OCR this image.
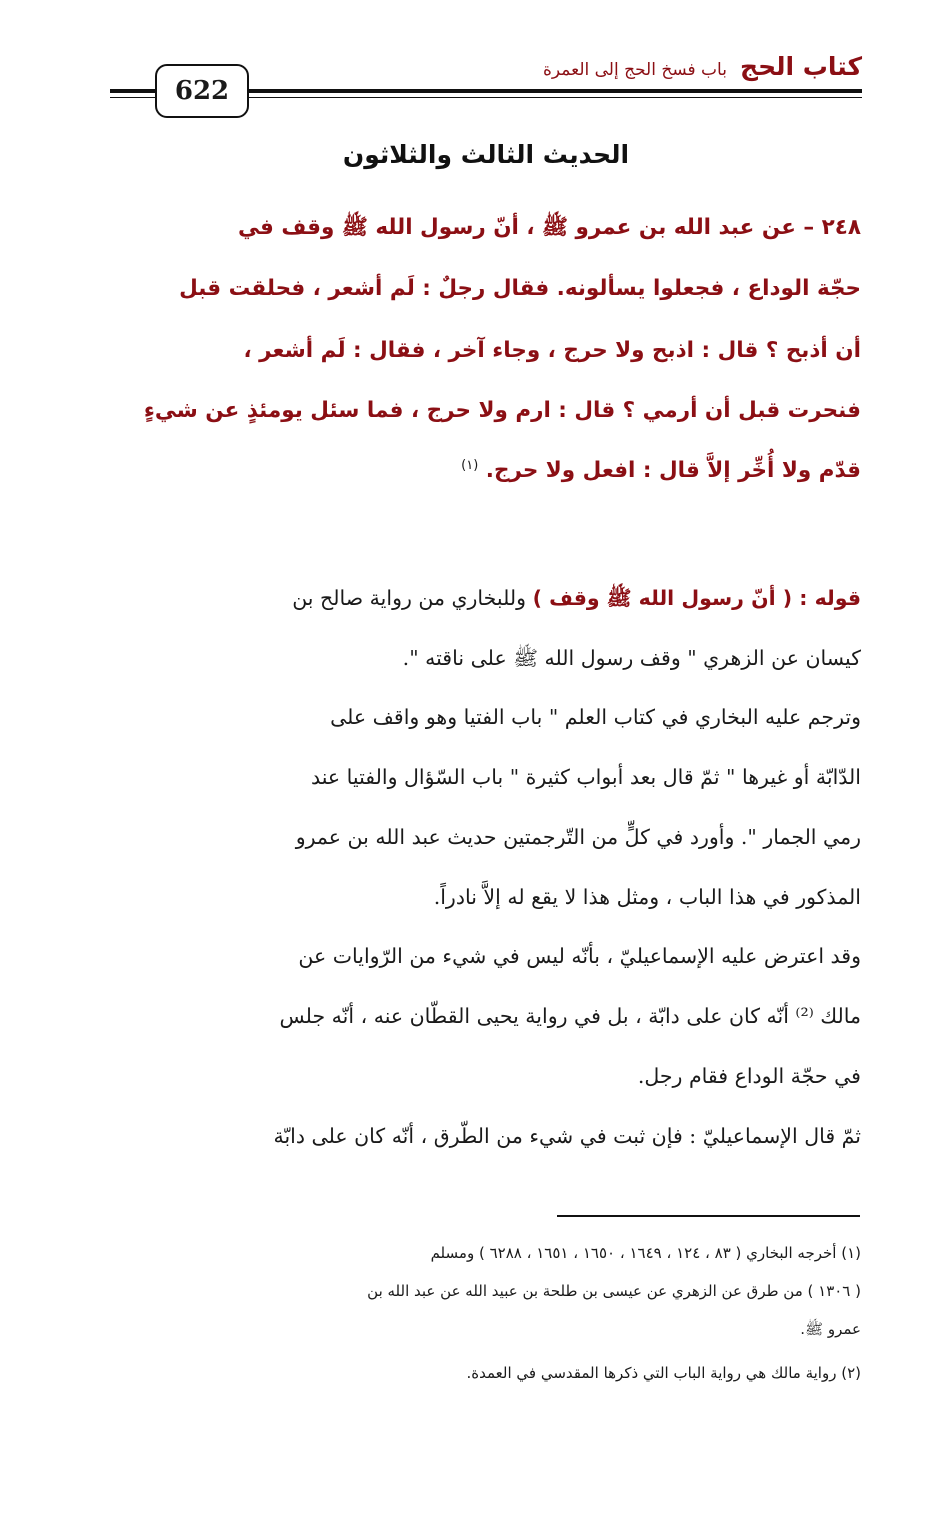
كتاب الحج باب فسخ الحج إلى العمرة
622
الحديث الثالث والثلاثون
٢٤٨ – عن عبد الله بن عمرو ﷺ ، أنّ رسول الله ﷺ وقف في
حجّة الوداع ، فجعلوا يسألونه. فقال رجلٌ : لَم أشعر ، فحلقت قبل
أن أذبح ؟ قال : اذبح ولا حرج ، وجاء آخر ، فقال : لَم أشعر ،
فنحرت قبل أن أرمي ؟ قال : ارم ولا حرج ، فما سئل يومئذٍ عن شيءٍ
قدّم ولا أُخِّر إلاَّ قال : افعل ولا حرج. $^{(١)}$
قوله : ( أنّ رسول الله ﷺ وقف ) وللبخاري من رواية صالح بن
كيسان عن الزهري " وقف رسول الله ﷺ على ناقته ".
وترجم عليه البخاري في كتاب العلم " باب الفتيا وهو واقف على
الدّابّة أو غيرها " ثمّ قال بعد أبواب كثيرة " باب السّؤال والفتيا عند
رمي الجمار ". وأورد في كلٍّ من التّرجمتين حديث عبد الله بن عمرو
المذكور في هذا الباب ، ومثل هذا لا يقع له إلاَّ نادراً.
وقد اعترض عليه الإسماعيليّ ، بأنّه ليس في شيء من الرّوايات عن
مالك ⁽²⁾ أنّه كان على دابّة ، بل في رواية يحيى القطّان عنه ، أنّه جلس
في حجّة الوداع فقام رجل.
ثمّ قال الإسماعيليّ : فإن ثبت في شيء من الطّرق ، أنّه كان على دابّة
(١) أخرجه البخاري ( ٨٣ ، ١٢٤ ، ١٦٤٩ ، ١٦٥٠ ، ١٦٥١ ، ٦٢٨٨ ) ومسلم
( ١٣٠٦ ) من طرق عن الزهري عن عيسى بن طلحة بن عبيد الله عن عبد الله بن
عمرو ﷺ.
(٢) رواية مالك هي رواية الباب التي ذكرها المقدسي في العمدة.
